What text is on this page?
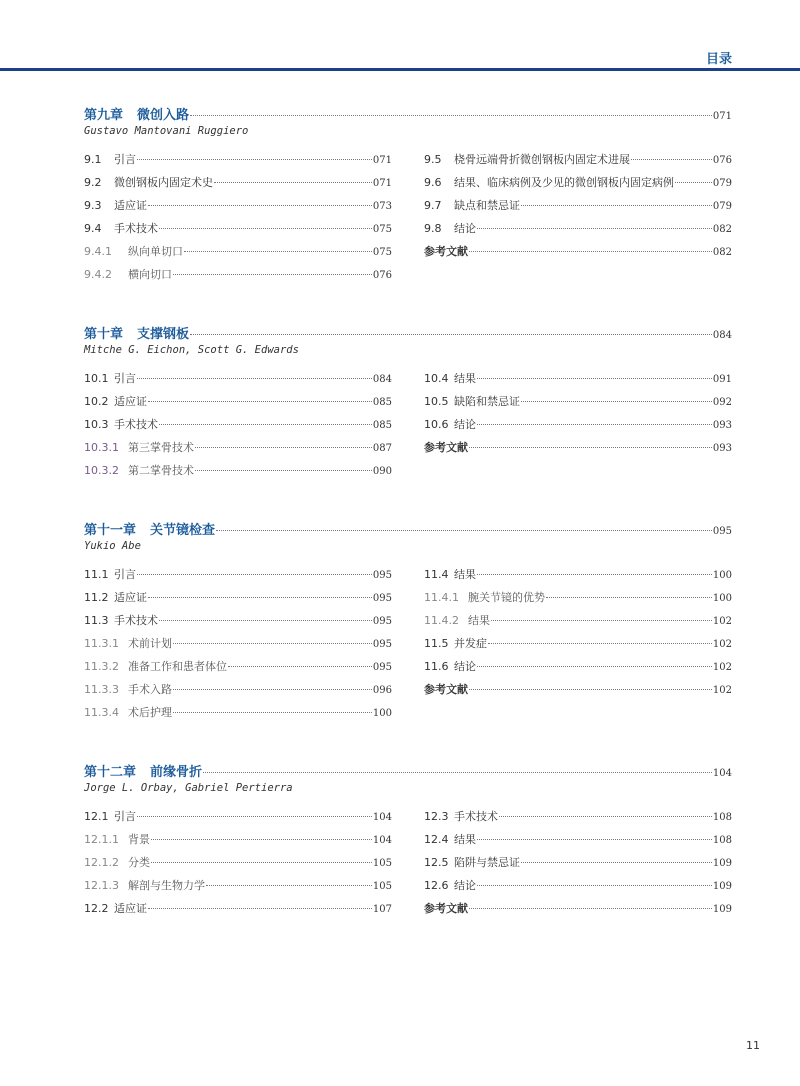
目录
第九章 微创入路	071
Gustavo Mantovani Ruggiero
9.1	引言	071
9.2	微创钢板内固定术史	071
9.3	适应证	073
9.4	手术技术	075
9.4.1	纵向单切口	075
9.4.2	横向切口	076
9.5	桡骨远端骨折微创钢板内固定术进展	076
9.6	结果、临床病例及少见的微创钢板内固定病例	079
9.7	缺点和禁忌证	079
9.8	结论	082
参考文献	082
第十章 支撑钢板	084
Mitche G. Eichon, Scott G. Edwards
10.1 引言	084
10.2 适应证	085
10.3 手术技术	085
10.3.1 第三掌骨技术	087
10.3.2 第二掌骨技术	090
10.4 结果	091
10.5 缺陷和禁忌证	092
10.6 结论	093
参考文献	093
第十一章 关节镜检查	095
Yukio Abe
11.1 引言	095
11.2 适应证	095
11.3 手术技术	095
11.3.1 术前计划	095
11.3.2 准备工作和患者体位	095
11.3.3 手术入路	096
11.3.4 术后护理	100
11.4 结果	100
11.4.1 腕关节镜的优势	100
11.4.2 结果	102
11.5 并发症	102
11.6 结论	102
参考文献	102
第十二章 前缘骨折	104
Jorge L. Orbay, Gabriel Pertierra
12.1 引言	104
12.1.1 背景	104
12.1.2 分类	105
12.1.3 解剖与生物力学	105
12.2 适应证	107
12.3 手术技术	108
12.4 结果	108
12.5 陷阱与禁忌证	109
12.6 结论	109
参考文献	109
11
